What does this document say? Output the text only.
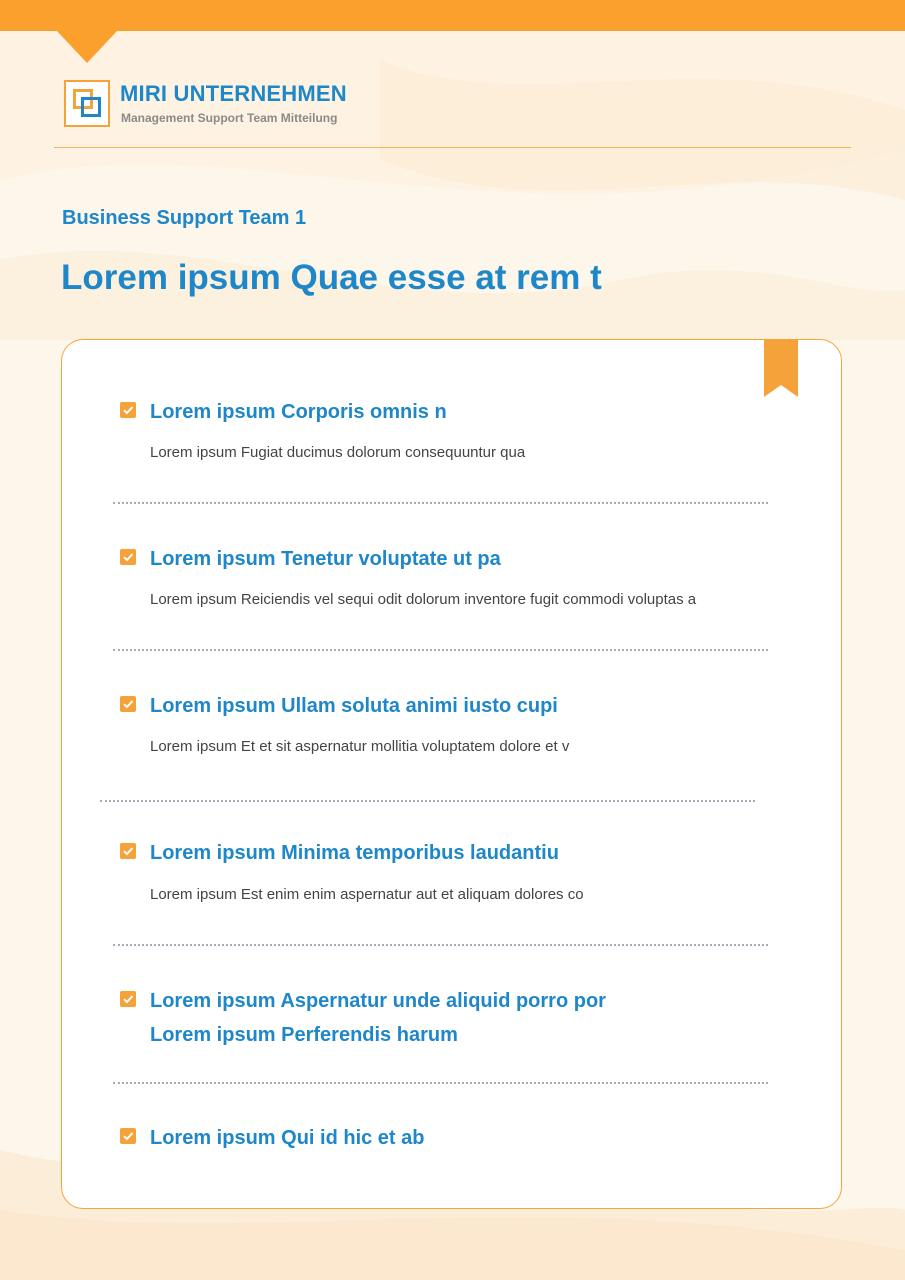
MIRI UNTERNEHMEN
Management Support Team Mitteilung
Business Support Team 1
Lorem ipsum Quae esse at rem t
Lorem ipsum Corporis omnis n
Lorem ipsum Fugiat ducimus dolorum consequuntur qua
Lorem ipsum Tenetur voluptate ut pa
Lorem ipsum Reiciendis vel sequi odit dolorum inventore fugit commodi voluptas a
Lorem ipsum Ullam soluta animi iusto cupi
Lorem ipsum Et et sit aspernatur mollitia voluptatem dolore et v
Lorem ipsum Minima temporibus laudantiu
Lorem ipsum Est enim enim aspernatur aut et aliquam dolores co
Lorem ipsum Aspernatur unde aliquid porro por
Lorem ipsum Perferendis harum
Lorem ipsum Qui id hic et ab
